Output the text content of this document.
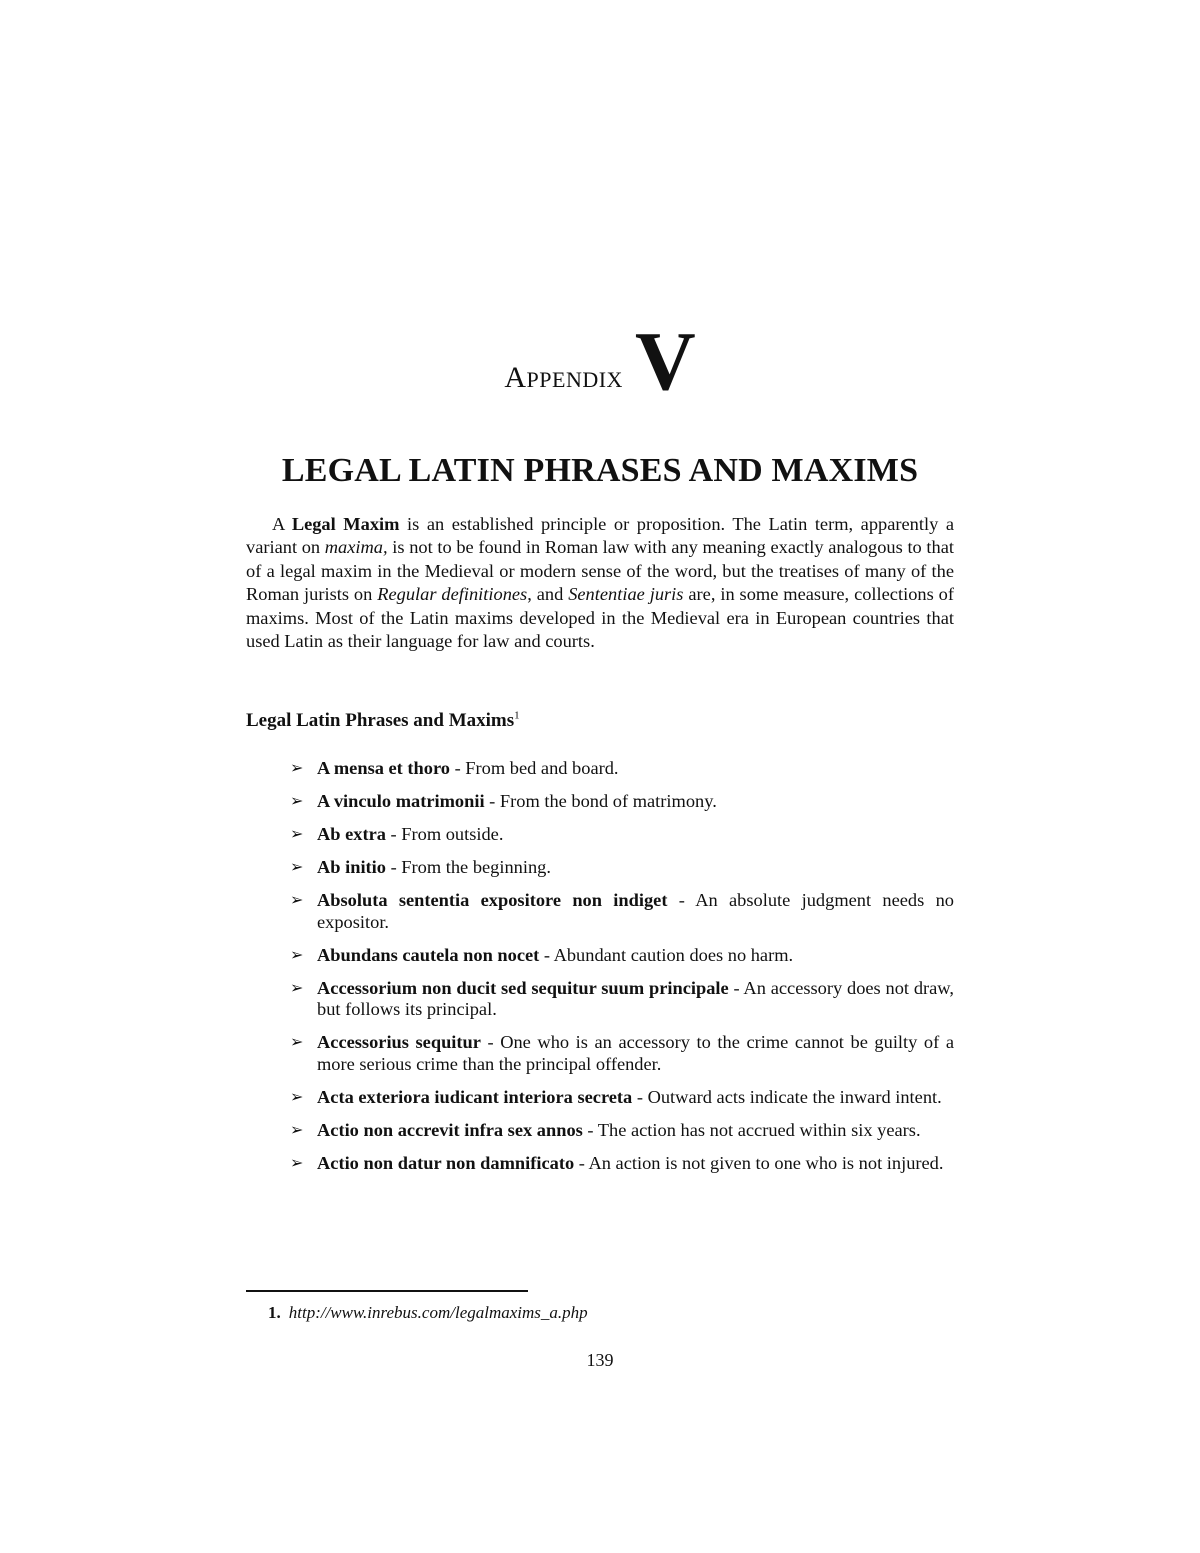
APPENDIX V
LEGAL LATIN PHRASES AND MAXIMS

A Legal Maxim is an established principle or proposition. The Latin term, apparently a variant on maxima, is not to be found in Roman law with any meaning exactly analogous to that of a legal maxim in the Medieval or modern sense of the word, but the treatises of many of the Roman jurists on Regular definitiones, and Sententiae juris are, in some measure, collections of maxims. Most of the Latin maxims developed in the Medieval era in European countries that used Latin as their language for law and courts.

Legal Latin Phrases and Maxims$^1$
➢ A mensa et thoro - From bed and board.
➢ A vinculo matrimonii - From the bond of matrimony.
➢ Ab extra - From outside.
➢ Ab initio - From the beginning.
➢ Absoluta sententia expositore non indiget - An absolute judgment needs no expositor.
➢ Abundans cautela non nocet - Abundant caution does no harm.
➢ Accessorium non ducit sed sequitur suum principale - An accessory does not draw, but follows its principal.
➢ Accessorius sequitur - One who is an accessory to the crime cannot be guilty of a more serious crime than the principal offender.
➢ Acta exteriora iudicant interiora secreta - Outward acts indicate the inward intent.
➢ Actio non accrevit infra sex annos - The action has not accrued within six years.
➢ Actio non datur non damnificato - An action is not given to one who is not injured.
1. http://www.inrebus.com/legalmaxims_a.php
139
